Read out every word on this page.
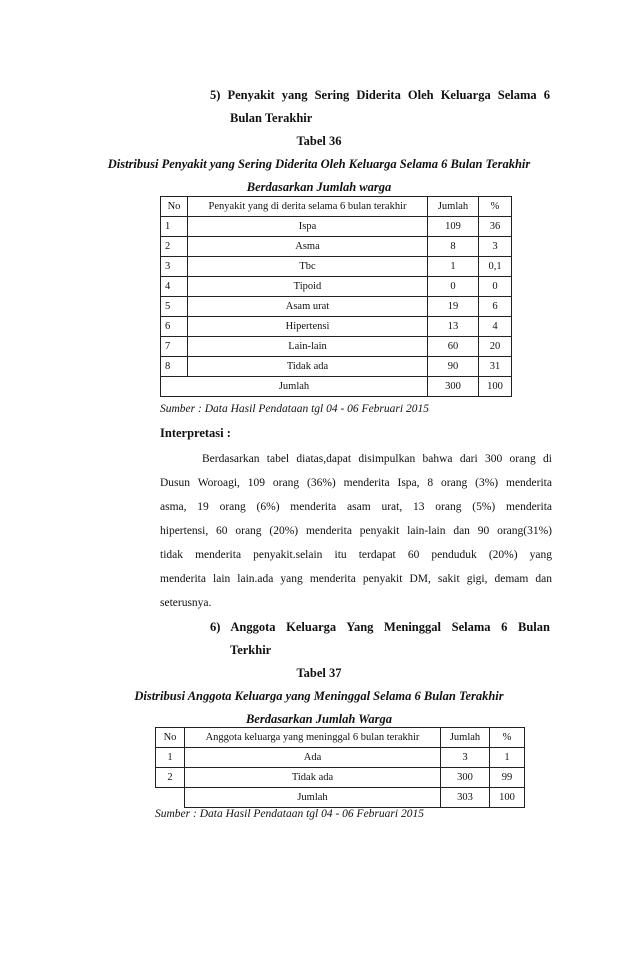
5) Penyakit yang Sering Diderita Oleh Keluarga Selama 6
Bulan Terakhir
Tabel 36
Distribusi Penyakit yang Sering Diderita Oleh Keluarga Selama 6 Bulan Terakhir
Berdasarkan Jumlah warga
No	Penyakit yang di derita selama 6 bulan terakhir	Jumlah	%
1	Ispa	109	36
2	Asma	8	3
3	Tbc	1	0,1
4	Tipoid	0	0
5	Asam urat	19	6
6	Hipertensi	13	4
7	Lain-lain	60	20
8	Tidak ada	90	31
Jumlah		300	100
Sumber : Data Hasil Pendataan tgl 04 - 06 Februari 2015
Interpretasi :
Berdasarkan tabel diatas,dapat disimpulkan bahwa dari 300 orang di
Dusun Woroagi, 109 orang (36%) menderita Ispa, 8 orang (3%) menderita
asma, 19 orang (6%) menderita asam urat, 13 orang (5%) menderita
hipertensi, 60 orang (20%) menderita penyakit lain-lain dan 90 orang(31%)
tidak menderita penyakit.selain itu terdapat 60 penduduk (20%) yang
menderita lain lain.ada yang menderita penyakit DM, sakit gigi, demam dan
seterusnya.
6) Anggota Keluarga Yang Meninggal Selama 6 Bulan
Terkhir
Tabel 37
Distribusi Anggota Keluarga yang Meninggal Selama 6 Bulan Terakhir
Berdasarkan Jumlah Warga
No	Anggota keluarga yang meninggal 6 bulan terakhir	Jumlah	%
1	Ada	3	1
2	Tidak ada	300	99
	Jumlah	303	100
Sumber : Data Hasil Pendataan tgl 04 - 06 Februari 2015
